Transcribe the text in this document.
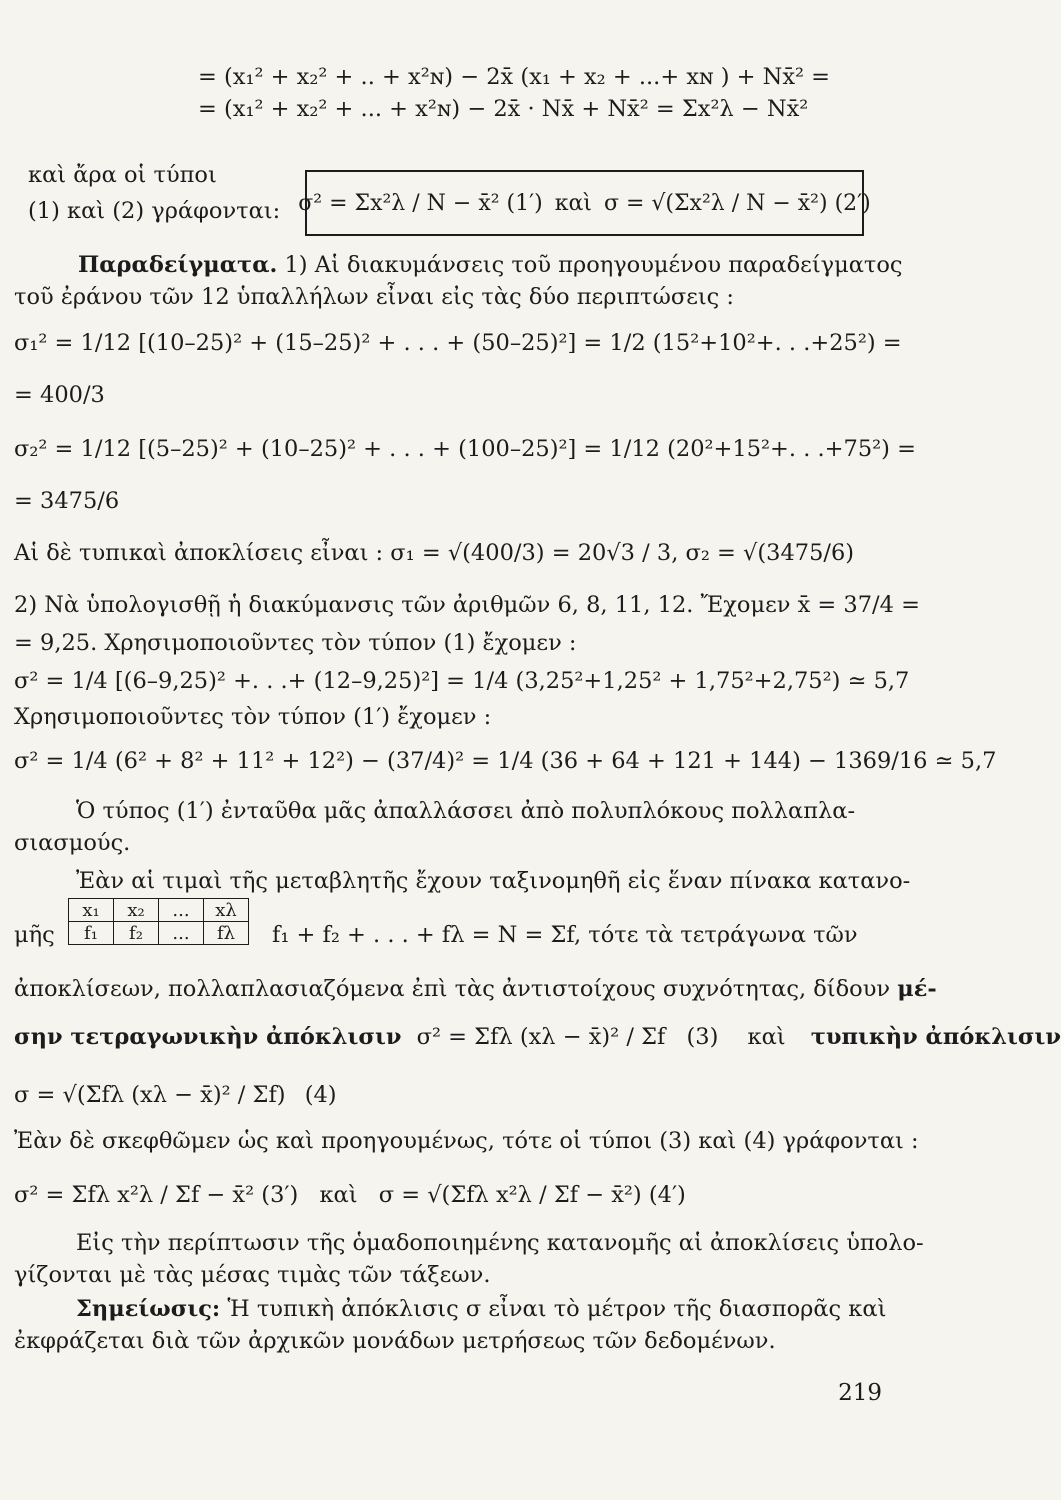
= (x₁² + x₂² + .. + x²ɴ) − 2x̄ (x₁ + x₂ + ...+ xɴ ) + Nx̄² =
= (x₁² + x₂² + ... + x²ɴ) − 2x̄ · Nx̄ + Nx̄² = Σx²λ − Nx̄²
καὶ ἄρα οἱ τύποι
(1) καὶ (2) γράφονται: σ² = Σx²λ / N − x̄² (1′) καὶ σ = √(Σx²λ / N − x̄²) (2′)
Παραδείγματα. 1) Αἱ διακυμάνσεις τοῦ προηγουμένου παραδείγματος
τοῦ ἐράνου τῶν 12 ὑπαλλήλων εἶναι εἰς τὰς δύο περιπτώσεις :
σ₁² = 1/12 [(10–25)² + (15–25)² + . . . + (50–25)²] = 1/2 (15²+10²+. . .+25²) =
= 400/3
σ₂² = 1/12 [(5–25)² + (10–25)² + . . . + (100–25)²] = 1/12 (20²+15²+. . .+75²) =
= 3475/6
Αἱ δὲ τυπικαὶ ἀποκλίσεις εἶναι : σ₁ = √(400/3) = 20√3 / 3, σ₂ = √(3475/6)
2) Νὰ ὑπολογισθῇ ἡ διακύμανσις τῶν ἀριθμῶν 6, 8, 11, 12. Ἔχομεν x̄ = 37/4 =
= 9,25. Χρησιμοποιοῦντες τὸν τύπον (1) ἔχομεν :
σ² = 1/4 [(6–9,25)² +. . .+ (12–9,25)²] = 1/4 (3,25²+1,25² + 1,75²+2,75²) ≃ 5,7
Χρησιμοποιοῦντες τὸν τύπον (1′) ἔχομεν :
σ² = 1/4 (6² + 8² + 11² + 12²) − (37/4)² = 1/4 (36 + 64 + 121 + 144) − 1369/16 ≃ 5,7
Ὁ τύπος (1′) ἐνταῦθα μᾶς ἀπαλλάσσει ἀπὸ πολυπλόκους πολλαπλα-
σιασμούς.
Ἐὰν αἱ τιμαὶ τῆς μεταβλητῆς ἔχουν ταξινομηθῆ εἰς ἕναν πίνακα κατανο-
μῆς
x₁	x₂	...	xλ
f₁	f₂	...	fλ f₁ + f₂ + . . . + fλ = N = Σf, τότε τὰ τετράγωνα τῶν
ἀποκλίσεων, πολλαπλασιαζόμενα ἐπὶ τὰς ἀντιστοίχους συχνότητας, δίδουν μέ-
σην τετραγωνικὴν ἀπόκλισιν σ² = Σfλ (xλ − x̄)² / Σf (3) καὶ τυπικὴν ἀπόκλισιν
σ = √(Σfλ (xλ − x̄)² / Σf) (4)
Ἐὰν δὲ σκεφθῶμεν ὡς καὶ προηγουμένως, τότε οἱ τύποι (3) καὶ (4) γράφονται :
σ² = Σfλ x²λ / Σf − x̄² (3′) καὶ σ = √(Σfλ x²λ / Σf − x̄²) (4′)
Εἰς τὴν περίπτωσιν τῆς ὁμαδοποιημένης κατανομῆς αἱ ἀποκλίσεις ὑπολο-
γίζονται μὲ τὰς μέσας τιμὰς τῶν τάξεων.
Σημείωσις: Ἡ τυπικὴ ἀπόκλισις σ εἶναι τὸ μέτρον τῆς διασπορᾶς καὶ
ἐκφράζεται διὰ τῶν ἀρχικῶν μονάδων μετρήσεως τῶν δεδομένων.
219
